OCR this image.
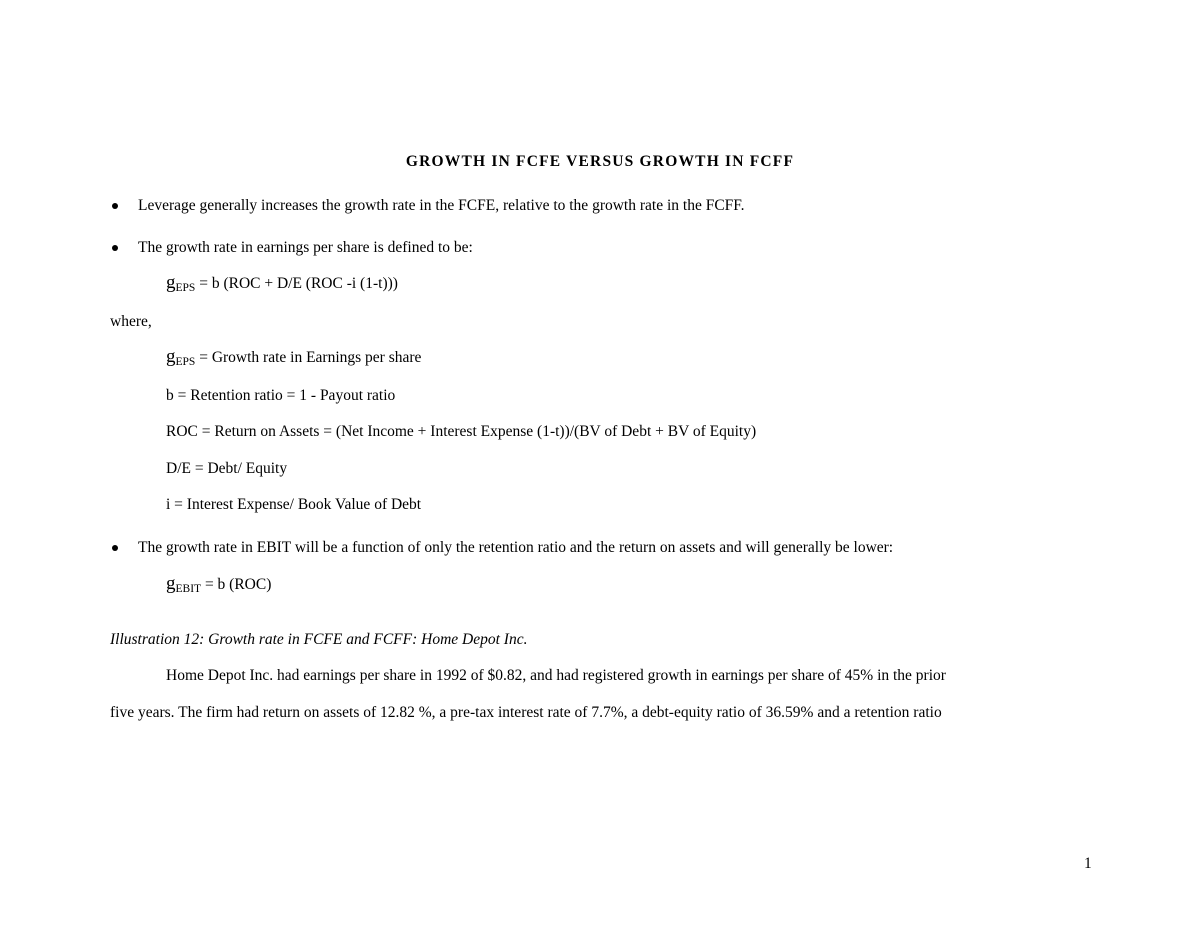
GROWTH IN FCFE VERSUS GROWTH IN FCFF
Leverage generally increases the growth rate in the FCFE, relative to the growth rate in the FCFF.
The growth rate in earnings per share is defined to be:
gEPS = b (ROC + D/E (ROC -i (1-t)))
where,
gEPS = Growth rate in Earnings per share
b = Retention ratio = 1 - Payout ratio
ROC = Return on Assets = (Net Income + Interest Expense (1-t))/(BV of Debt + BV of Equity)
D/E = Debt/ Equity
i = Interest Expense/ Book Value of Debt
The growth rate in EBIT will be a function of only the retention ratio and the return on assets and will generally be lower:
gEBIT = b (ROC)
Illustration 12: Growth rate in FCFE and FCFF: Home Depot Inc.
Home Depot Inc. had earnings per share in 1992 of $0.82, and had registered growth in earnings per share of 45% in the prior
five years. The firm had return on assets of 12.82 %, a pre-tax interest rate of 7.7%, a debt-equity ratio of 36.59% and a retention ratio
1
